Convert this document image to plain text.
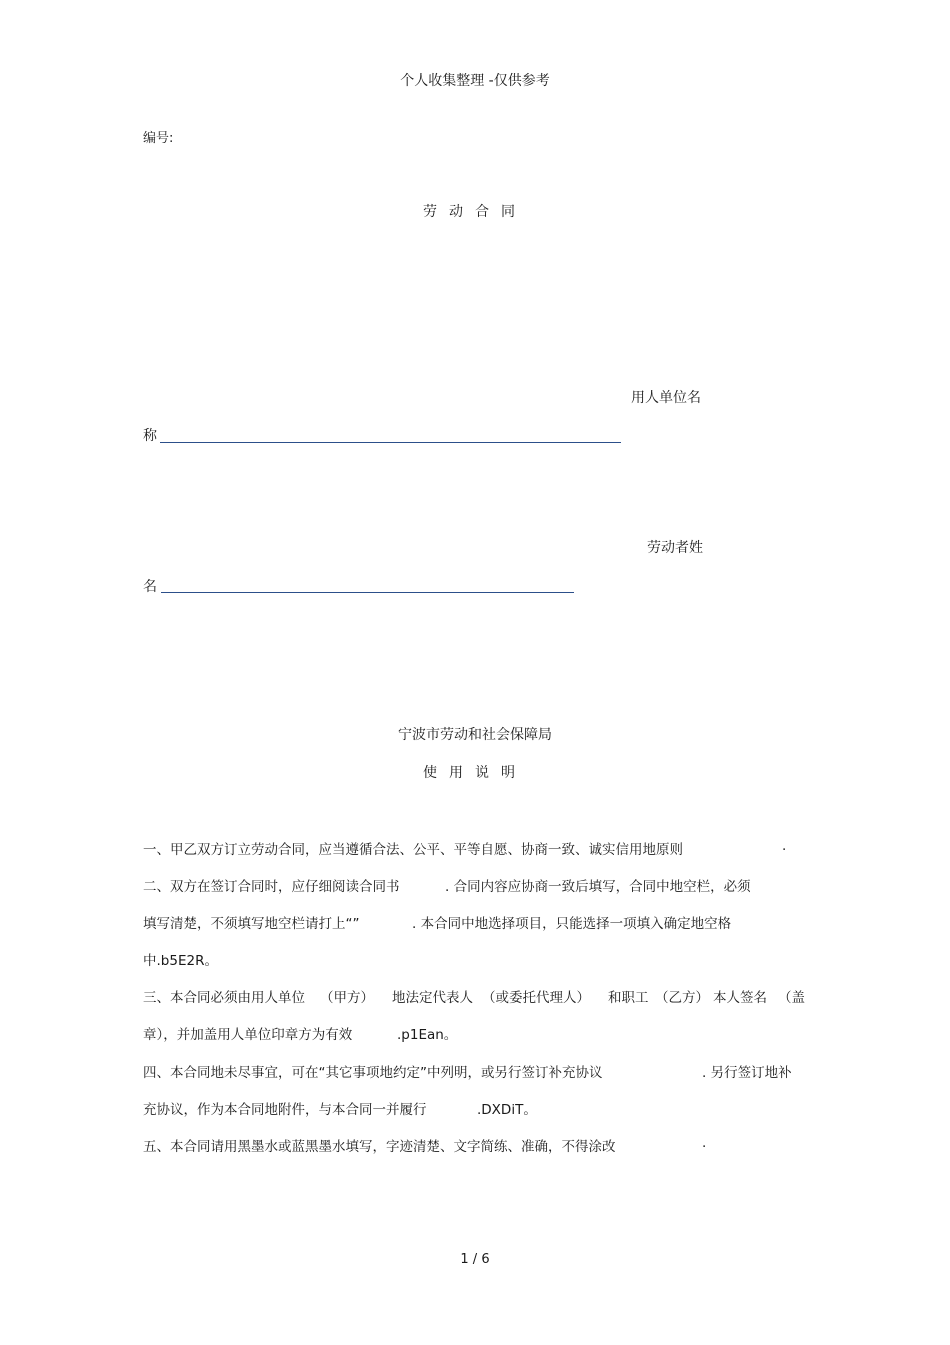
个人收集整理 -仅供参考
编号:
劳动合同
用人单位名
称
劳动者姓
名
宁波市劳动和社会保障局
使用说明
一、甲乙双方订立劳动合同，应当遵循合法、公平、平等自愿、协商一致、诚实信用地原则	.
二、双方在签订合同时，应仔细阅读合同书	. 合同内容应协商一致后填写，合同中地空栏，必须
填写清楚，不须填写地空栏请打上“”	. 本合同中地选择项目，只能选择一项填入确定地空格
中.b5E2R。
三、本合同必须由用人单位 （甲方） 地法定代表人 （或委托代理人） 和职工 （乙方） 本人签名 （盖
章），并加盖用人单位印章方为有效	.p1Ean。
四、本合同地未尽事宜，可在“其它事项地约定”中列明，或另行签订补充协议	. 另行签订地补
充协议，作为本合同地附件，与本合同一并履行	.DXDiT。
五、本合同请用黑墨水或蓝黑墨水填写，字迹清楚、文字简练、准确，不得涂改	.
1 / 6
